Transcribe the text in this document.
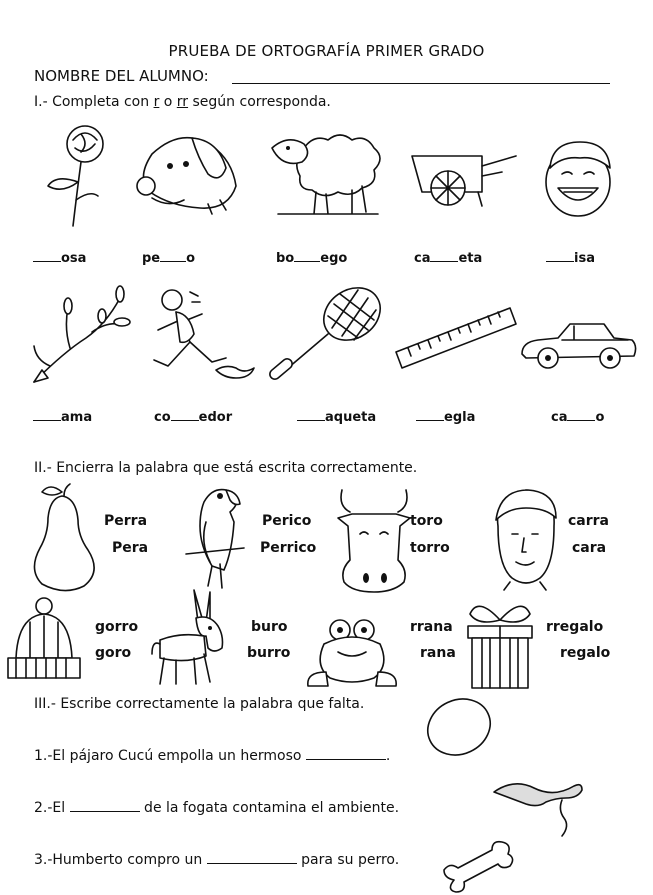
PRUEBA DE ORTOGRAFÍA PRIMER GRADO
NOMBRE DEL ALUMNO:
I.- Completa con r o rr según corresponda.
osa	pe o	bo ego	ca eta	isa
ama	co edor	aqueta	egla	ca o
II.- Encierra la palabra que está escrita correctamente.
Perra
Pera
Perico
Perrico
toro
torro
carra
cara
gorro
goro
buro
burro
rrana
rana
rregalo
regalo
III.- Escribe correctamente la palabra que falta.
1.-El pájaro Cucú empolla un hermoso	.
2.-El	de la fogata contamina el ambiente.
3.-Humberto compro un	para su perro.
